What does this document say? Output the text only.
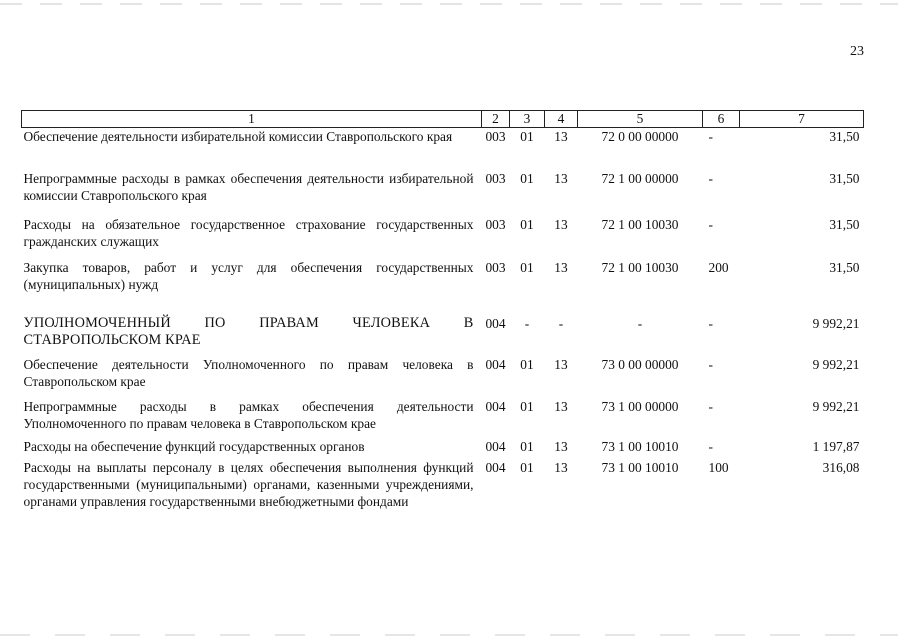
23
1	2	3	4	5	6	7
Обеспечение деятельности избирательной комиссии Ставропольского края	003	01	13	72 0 00 00000	-	31,50
Непрограммные расходы в рамках обеспечения деятельности избирательной комиссии Ставропольского края	003	01	13	72 1 00 00000	-	31,50
Расходы на обязательное государственное страхование государственных гражданских служащих	003	01	13	72 1 00 10030	-	31,50
Закупка товаров, работ и услуг для обеспечения государственных (муниципальных) нужд	003	01	13	72 1 00 10030	200	31,50
УПОЛНОМОЧЕННЫЙ ПО ПРАВАМ ЧЕЛОВЕКА В СТАВРОПОЛЬСКОМ КРАЕ	004	-	-	-	-	9 992,21
Обеспечение деятельности Уполномоченного по правам человека в Ставропольском крае	004	01	13	73 0 00 00000	-	9 992,21
Непрограммные расходы в рамках обеспечения деятельности Уполномоченного по правам человека в Ставропольском крае	004	01	13	73 1 00 00000	-	9 992,21
Расходы на обеспечение функций государственных органов	004	01	13	73 1 00 10010	-	1 197,87
Расходы на выплаты персоналу в целях обеспечения выполнения функций государственными (муниципальными) органами, казенными учреждениями, органами управления государственными внебюджетными фондами	004	01	13	73 1 00 10010	100	316,08
